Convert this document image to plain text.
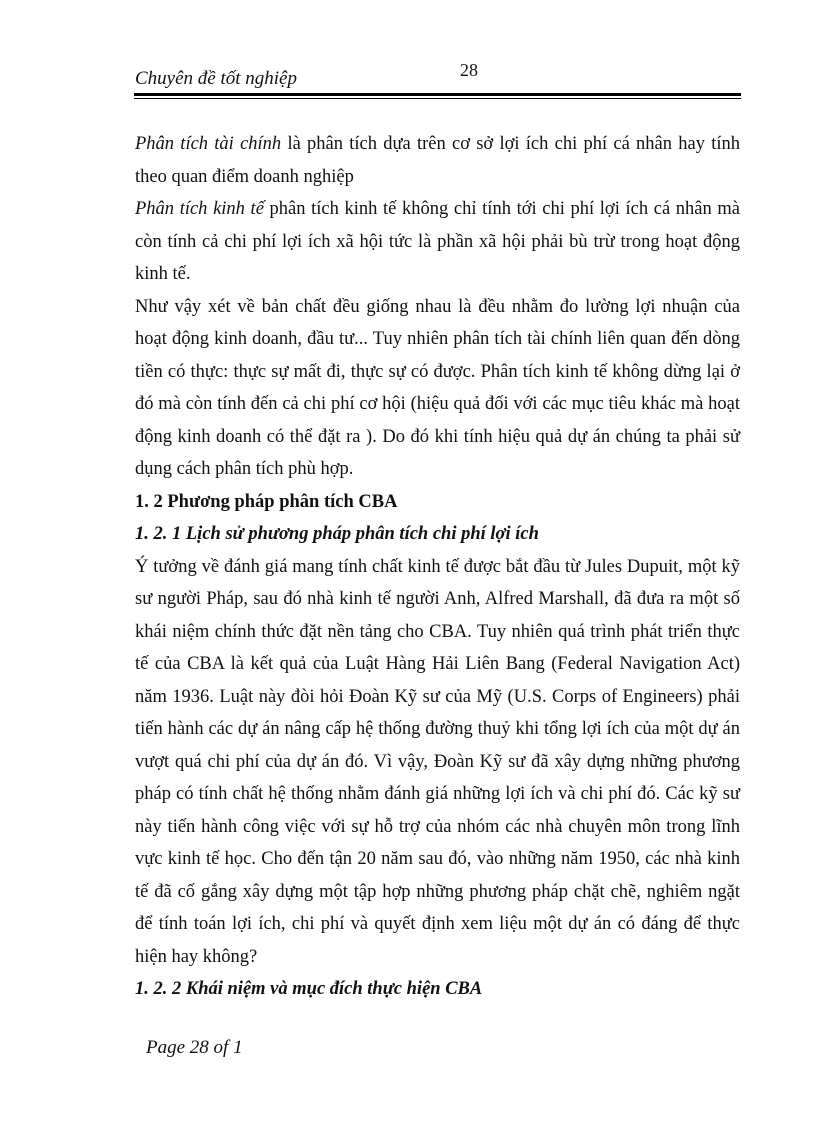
Chuyên đề tốt nghiệp	28

Phân tích tài chính là phân tích dựa trên cơ sở lợi ích chi phí cá nhân hay tính theo quan điểm doanh nghiệp

Phân tích kinh tế phân tích kinh tế không chỉ tính tới chi phí lợi ích cá nhân mà còn tính cả chi phí lợi ích xã hội tức là phần xã hội phải bù trừ trong hoạt động kinh tế.

Như vậy xét về bản chất đều giống nhau là đều nhằm đo lường lợi nhuận của hoạt động kinh doanh, đầu tư... Tuy nhiên phân tích tài chính liên quan đến dòng tiền có thực: thực sự mất đi, thực sự có được. Phân tích kinh tế không dừng lại ở đó mà còn tính đến cả chi phí cơ hội (hiệu quả đối với các mục tiêu khác mà hoạt động kinh doanh có thể đặt ra ). Do đó khi tính hiệu quả dự án chúng ta phải sử dụng cách phân tích phù hợp.

1. 2 Phương pháp phân tích CBA
1. 2. 1 Lịch sử phương pháp phân tích chi phí lợi ích

Ý tưởng về đánh giá mang tính chất kinh tế được bắt đầu từ Jules Dupuit, một kỹ sư người Pháp, sau đó nhà kinh tế người Anh, Alfred Marshall, đã đưa ra một số khái niệm chính thức đặt nền tảng cho CBA. Tuy nhiên quá trình phát triển thực tế của CBA là kết quả của Luật Hàng Hải Liên Bang (Federal Navigation Act) năm 1936. Luật này đòi hỏi Đoàn Kỹ sư của Mỹ (U.S. Corps of Engineers) phải tiến hành các dự án nâng cấp hệ thống đường thuỷ khi tổng lợi ích của một dự án vượt quá chi phí của dự án đó. Vì vậy, Đoàn Kỹ sư đã xây dựng những phương pháp có tính chất hệ thống nhằm đánh giá những lợi ích và chi phí đó. Các kỹ sư này tiến hành công việc với sự hỗ trợ của nhóm các nhà chuyên môn trong lĩnh vực kinh tế học. Cho đến tận 20 năm sau đó, vào những năm 1950, các nhà kinh tế đã cố gắng xây dựng một tập hợp những phương pháp chặt chẽ, nghiêm ngặt để tính toán lợi ích, chi phí và quyết định xem liệu một dự án có đáng để thực hiện hay không?

1. 2. 2 Khái niệm và mục đích thực hiện CBA
Page 28 of 1
